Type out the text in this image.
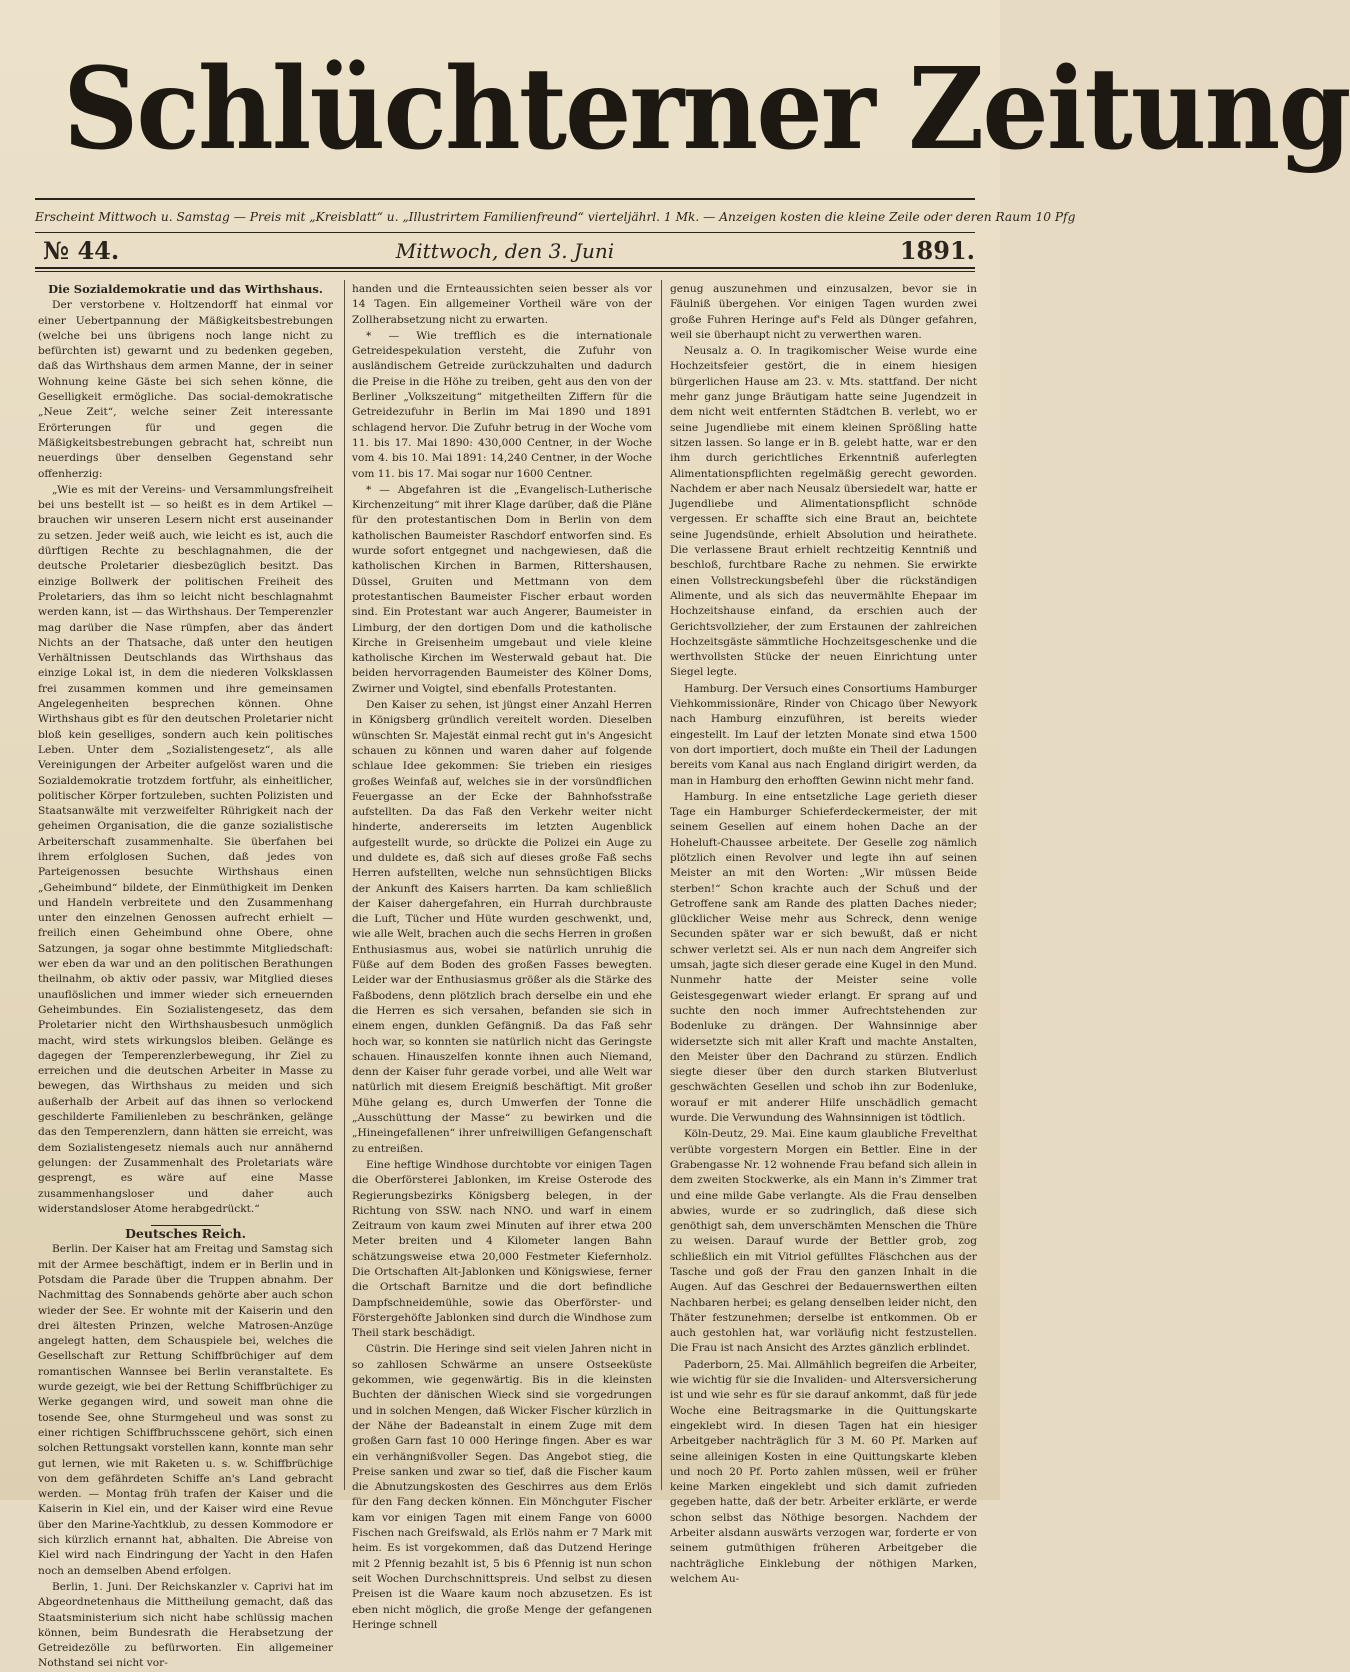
Schlüchterner Zeitung
Erscheint Mittwoch u. Samstag — Preis mit „Kreisblatt“ u. „Illustrirtem Familienfreund“ vierteljährl. 1 Mk. — Anzeigen kosten die kleine Zeile oder deren Raum 10 Pfg
№ 44.	Mittwoch, den 3. Juni	1891.

Die Sozialdemokratie und das Wirthshaus.

Der verstorbene v. Holtzendorff hat einmal vor einer Uebertpannung der Mäßigkeitsbestrebungen (welche bei uns übrigens noch lange nicht zu befürchten ist) gewarnt und zu bedenken gegeben, daß das Wirthshaus dem armen Manne, der in seiner Wohnung keine Gäste bei sich sehen könne, die Geselligkeit ermögliche. Das social-demokratische „Neue Zeit“, welche seiner Zeit interessante Erörterungen für und gegen die Mäßigkeitsbestrebungen gebracht hat, schreibt nun neuerdings über denselben Gegenstand sehr offenherzig:

„Wie es mit der Vereins- und Versammlungsfreiheit bei uns bestellt ist — so heißt es in dem Artikel — brauchen wir unseren Lesern nicht erst auseinander zu setzen. Jeder weiß auch, wie leicht es ist, auch die dürftigen Rechte zu beschlagnahmen, die der deutsche Proletarier diesbezüglich besitzt. Das einzige Bollwerk der politischen Freiheit des Proletariers, das ihm so leicht nicht beschlagnahmt werden kann, ist — das Wirthshaus. Der Temperenzler mag darüber die Nase rümpfen, aber das ändert Nichts an der Thatsache, daß unter den heutigen Verhältnissen Deutschlands das Wirthshaus das einzige Lokal ist, in dem die niederen Volksklassen frei zusammen kommen und ihre gemeinsamen Angelegenheiten besprechen können. Ohne Wirthshaus gibt es für den deutschen Proletarier nicht bloß kein geselliges, sondern auch kein politisches Leben. Unter dem „Sozialistengesetz“, als alle Vereinigungen der Arbeiter aufgelöst waren und die Sozialdemokratie trotzdem fortfuhr, als einheitlicher, politischer Körper fortzuleben, suchten Polizisten und Staatsanwälte mit verzweifelter Rührigkeit nach der geheimen Organisation, die die ganze sozialistische Arbeiterschaft zusammenhalte. Sie überfahen bei ihrem erfolglosen Suchen, daß jedes von Parteigenossen besuchte Wirthshaus einen „Geheimbund“ bildete, der Einmüthigkeit im Denken und Handeln verbreitete und den Zusammenhang unter den einzelnen Genossen aufrecht erhielt — freilich einen Geheimbund ohne Obere, ohne Satzungen, ja sogar ohne bestimmte Mitgliedschaft: wer eben da war und an den politischen Berathungen theilnahm, ob aktiv oder passiv, war Mitglied dieses unauflöslichen und immer wieder sich erneuernden Geheimbundes. Ein Sozialistengesetz, das dem Proletarier nicht den Wirthshausbesuch unmöglich macht, wird stets wirkungslos bleiben. Gelänge es dagegen der Temperenzlerbewegung, ihr Ziel zu erreichen und die deutschen Arbeiter in Masse zu bewegen, das Wirthshaus zu meiden und sich außerhalb der Arbeit auf das ihnen so verlockend geschilderte Familienleben zu beschränken, gelänge das den Temperenzlern, dann hätten sie erreicht, was dem Sozialistengesetz niemals auch nur annähernd gelungen: der Zusammenhalt des Proletariats wäre gesprengt, es wäre auf eine Masse zusammenhangsloser und daher auch widerstandsloser Atome herabgedrückt.“

Deutsches Reich.

Berlin. Der Kaiser hat am Freitag und Samstag sich mit der Armee beschäftigt, indem er in Berlin und in Potsdam die Parade über die Truppen abnahm. Der Nachmittag des Sonnabends gehörte aber auch schon wieder der See. Er wohnte mit der Kaiserin und den drei ältesten Prinzen, welche Matrosen-Anzüge angelegt hatten, dem Schauspiele bei, welches die Gesellschaft zur Rettung Schiffbrüchiger auf dem romantischen Wannsee bei Berlin veranstaltete. Es wurde gezeigt, wie bei der Rettung Schiffbrüchiger zu Werke gegangen wird, und soweit man ohne die tosende See, ohne Sturmgeheul und was sonst zu einer richtigen Schiffbruchsscene gehört, sich einen solchen Rettungsakt vorstellen kann, konnte man sehr gut lernen, wie mit Raketen u. s. w. Schiffbrüchige von dem gefährdeten Schiffe an's Land gebracht werden. — Montag früh trafen der Kaiser und die Kaiserin in Kiel ein, und der Kaiser wird eine Revue über den Marine-Yachtklub, zu dessen Kommodore er sich kürzlich ernannt hat, abhalten. Die Abreise von Kiel wird nach Eindringung der Yacht in den Hafen noch an demselben Abend erfolgen.

Berlin, 1. Juni. Der Reichskanzler v. Caprivi hat im Abgeordnetenhaus die Mittheilung gemacht, daß das Staatsministerium sich nicht habe schlüssig machen können, beim Bundesrath die Herabsetzung der Getreidezölle zu befürworten. Ein allgemeiner Nothstand sei nicht vor-

handen und die Ernteaussichten seien besser als vor 14 Tagen. Ein allgemeiner Vortheil wäre von der Zollherabsetzung nicht zu erwarten.

* — Wie trefflich es die internationale Getreidespekulation versteht, die Zufuhr von ausländischem Getreide zurückzuhalten und dadurch die Preise in die Höhe zu treiben, geht aus den von der Berliner „Volkszeitung“ mitgetheilten Ziffern für die Getreidezufuhr in Berlin im Mai 1890 und 1891 schlagend hervor. Die Zufuhr betrug in der Woche vom 11. bis 17. Mai 1890: 430,000 Centner, in der Woche vom 4. bis 10. Mai 1891: 14,240 Centner, in der Woche vom 11. bis 17. Mai sogar nur 1600 Centner.

* — Abgefahren ist die „Evangelisch-Lutherische Kirchenzeitung“ mit ihrer Klage darüber, daß die Pläne für den protestantischen Dom in Berlin von dem katholischen Baumeister Raschdorf entworfen sind. Es wurde sofort entgegnet und nachgewiesen, daß die katholischen Kirchen in Barmen, Rittershausen, Düssel, Gruiten und Mettmann von dem protestantischen Baumeister Fischer erbaut worden sind. Ein Protestant war auch Angerer, Baumeister in Limburg, der den dortigen Dom und die katholische Kirche in Greisenheim umgebaut und viele kleine katholische Kirchen im Westerwald gebaut hat. Die beiden hervorragenden Baumeister des Kölner Doms, Zwirner und Voigtel, sind ebenfalls Protestanten.

Den Kaiser zu sehen, ist jüngst einer Anzahl Herren in Königsberg gründlich vereitelt worden. Dieselben wünschten Sr. Majestät einmal recht gut in's Angesicht schauen zu können und waren daher auf folgende schlaue Idee gekommen: Sie trieben ein riesiges großes Weinfaß auf, welches sie in der vorsündflichen Feuergasse an der Ecke der Bahnhofsstraße aufstellten. Da das Faß den Verkehr weiter nicht hinderte, andererseits im letzten Augenblick aufgestellt wurde, so drückte die Polizei ein Auge zu und duldete es, daß sich auf dieses große Faß sechs Herren aufstellten, welche nun sehnsüchtigen Blicks der Ankunft des Kaisers harrten. Da kam schließlich der Kaiser dahergefahren, ein Hurrah durchbrauste die Luft, Tücher und Hüte wurden geschwenkt, und, wie alle Welt, brachen auch die sechs Herren in großen Enthusiasmus aus, wobei sie natürlich unruhig die Füße auf dem Boden des großen Fasses bewegten. Leider war der Enthusiasmus größer als die Stärke des Faßbodens, denn plötzlich brach derselbe ein und ehe die Herren es sich versahen, befanden sie sich in einem engen, dunklen Gefängniß. Da das Faß sehr hoch war, so konnten sie natürlich nicht das Geringste schauen. Hinauszelfen konnte ihnen auch Niemand, denn der Kaiser fuhr gerade vorbei, und alle Welt war natürlich mit diesem Ereigniß beschäftigt. Mit großer Mühe gelang es, durch Umwerfen der Tonne die „Ausschüttung der Masse“ zu bewirken und die „Hineingefallenen“ ihrer unfreiwilligen Gefangenschaft zu entreißen.

Eine heftige Windhose durchtobte vor einigen Tagen die Oberförsterei Jablonken, im Kreise Osterode des Regierungsbezirks Königsberg belegen, in der Richtung von SSW. nach NNO. und warf in einem Zeitraum von kaum zwei Minuten auf ihrer etwa 200 Meter breiten und 4 Kilometer langen Bahn schätzungsweise etwa 20,000 Festmeter Kiefernholz. Die Ortschaften Alt-Jablonken und Königswiese, ferner die Ortschaft Barnitze und die dort befindliche Dampfschneidemühle, sowie das Oberförster- und Förstergehöfte Jablonken sind durch die Windhose zum Theil stark beschädigt.

Cüstrin. Die Heringe sind seit vielen Jahren nicht in so zahllosen Schwärme an unsere Ostseeküste gekommen, wie gegenwärtig. Bis in die kleinsten Buchten der dänischen Wieck sind sie vorgedrungen und in solchen Mengen, daß Wicker Fischer kürzlich in der Nähe der Badeanstalt in einem Zuge mit dem großen Garn fast 10 000 Heringe fingen. Aber es war ein verhängnißvoller Segen. Das Angebot stieg, die Preise sanken und zwar so tief, daß die Fischer kaum die Abnutzungskosten des Geschirres aus dem Erlös für den Fang decken können. Ein Mönchguter Fischer kam vor einigen Tagen mit einem Fange von 6000 Fischen nach Greifswald, als Erlös nahm er 7 Mark mit heim. Es ist vorgekommen, daß das Dutzend Heringe mit 2 Pfennig bezahlt ist, 5 bis 6 Pfennig ist nun schon seit Wochen Durchschnittspreis. Und selbst zu diesen Preisen ist die Waare kaum noch abzusetzen. Es ist eben nicht möglich, die große Menge der gefangenen Heringe schnell

genug auszunehmen und einzusalzen, bevor sie in Fäulniß übergehen. Vor einigen Tagen wurden zwei große Fuhren Heringe auf's Feld als Dünger gefahren, weil sie überhaupt nicht zu verwerthen waren.

Neusalz a. O. In tragikomischer Weise wurde eine Hochzeitsfeier gestört, die in einem hiesigen bürgerlichen Hause am 23. v. Mts. stattfand. Der nicht mehr ganz junge Bräutigam hatte seine Jugendzeit in dem nicht weit entfernten Städtchen B. verlebt, wo er seine Jugendliebe mit einem kleinen Sprößling hatte sitzen lassen. So lange er in B. gelebt hatte, war er den ihm durch gerichtliches Erkenntniß auferlegten Alimentationspflichten regelmäßig gerecht geworden. Nachdem er aber nach Neusalz übersiedelt war, hatte er Jugendliebe und Alimentationspflicht schnöde vergessen. Er schaffte sich eine Braut an, beichtete seine Jugendsünde, erhielt Absolution und heirathete. Die verlassene Braut erhielt rechtzeitig Kenntniß und beschloß, furchtbare Rache zu nehmen. Sie erwirkte einen Vollstreckungsbefehl über die rückständigen Alimente, und als sich das neuvermählte Ehepaar im Hochzeitshause einfand, da erschien auch der Gerichtsvollzieher, der zum Erstaunen der zahlreichen Hochzeitsgäste sämmtliche Hochzeitsgeschenke und die werthvollsten Stücke der neuen Einrichtung unter Siegel legte.

Hamburg. Der Versuch eines Consortiums Hamburger Viehkommissionäre, Rinder von Chicago über Newyork nach Hamburg einzuführen, ist bereits wieder eingestellt. Im Lauf der letzten Monate sind etwa 1500 von dort importiert, doch mußte ein Theil der Ladungen bereits vom Kanal aus nach England dirigirt werden, da man in Hamburg den erhofften Gewinn nicht mehr fand.

Hamburg. In eine entsetzliche Lage gerieth dieser Tage ein Hamburger Schieferdeckermeister, der mit seinem Gesellen auf einem hohen Dache an der Hoheluft-Chaussee arbeitete. Der Geselle zog nämlich plötzlich einen Revolver und legte ihn auf seinen Meister an mit den Worten: „Wir müssen Beide sterben!“ Schon krachte auch der Schuß und der Getroffene sank am Rande des platten Daches nieder; glücklicher Weise mehr aus Schreck, denn wenige Secunden später war er sich bewußt, daß er nicht schwer verletzt sei. Als er nun nach dem Angreifer sich umsah, jagte sich dieser gerade eine Kugel in den Mund. Nunmehr hatte der Meister seine volle Geistesgegenwart wieder erlangt. Er sprang auf und suchte den noch immer Aufrechtstehenden zur Bodenluke zu drängen. Der Wahnsinnige aber widersetzte sich mit aller Kraft und machte Anstalten, den Meister über den Dachrand zu stürzen. Endlich siegte dieser über den durch starken Blutverlust geschwächten Gesellen und schob ihn zur Bodenluke, worauf er mit anderer Hilfe unschädlich gemacht wurde. Die Verwundung des Wahnsinnigen ist tödtlich.

Köln-Deutz, 29. Mai. Eine kaum glaubliche Frevelthat verübte vorgestern Morgen ein Bettler. Eine in der Grabengasse Nr. 12 wohnende Frau befand sich allein in dem zweiten Stockwerke, als ein Mann in's Zimmer trat und eine milde Gabe verlangte. Als die Frau denselben abwies, wurde er so zudringlich, daß diese sich genöthigt sah, dem unverschämten Menschen die Thüre zu weisen. Darauf wurde der Bettler grob, zog schließlich ein mit Vitriol gefülltes Fläschchen aus der Tasche und goß der Frau den ganzen Inhalt in die Augen. Auf das Geschrei der Bedauernswerthen eilten Nachbaren herbei; es gelang denselben leider nicht, den Thäter festzunehmen; derselbe ist entkommen. Ob er auch gestohlen hat, war vorläufig nicht festzustellen. Die Frau ist nach Ansicht des Arztes gänzlich erblindet.

Paderborn, 25. Mai. Allmählich begreifen die Arbeiter, wie wichtig für sie die Invaliden- und Altersversicherung ist und wie sehr es für sie darauf ankommt, daß für jede Woche eine Beitragsmarke in die Quittungskarte eingeklebt wird. In diesen Tagen hat ein hiesiger Arbeitgeber nachträglich für 3 M. 60 Pf. Marken auf seine alleinigen Kosten in eine Quittungskarte kleben und noch 20 Pf. Porto zahlen müssen, weil er früher keine Marken eingeklebt und sich damit zufrieden gegeben hatte, daß der betr. Arbeiter erklärte, er werde schon selbst das Nöthige besorgen. Nachdem der Arbeiter alsdann auswärts verzogen war, forderte er von seinem gutmüthigen früheren Arbeitgeber die nachträgliche Einklebung der nöthigen Marken, welchem Au-
